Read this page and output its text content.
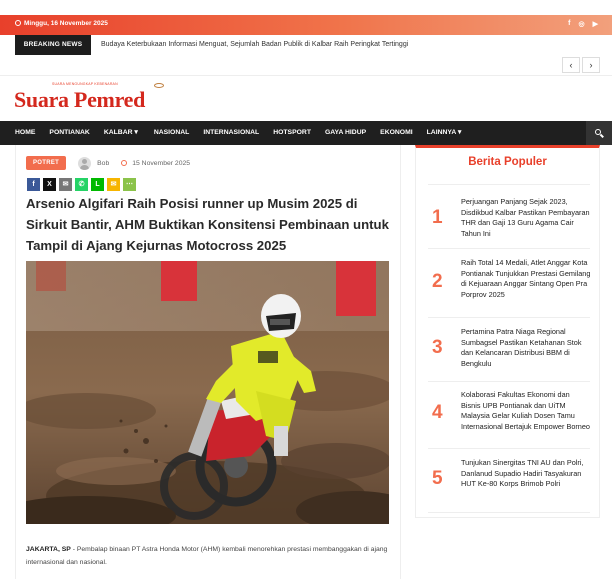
Minggu, 16 November 2025	f ◎ ▶
BREAKING NEWS	Budaya Keterbukaan Informasi Menguat, Sejumlah Badan Publik di Kalbar Raih Peringkat Tertinggi
‹	›
SUARA MENGUNGKAP KEBENARAN
Suara Pemred
HOME PONTIANAK KALBAR ▾ NASIONAL INTERNASIONAL HOTSPORT GAYA HIDUP EKONOMI LAINNYA ▾
POTRET	Bob	15 November 2025
f	X	✉	✆	L	✉	⋯
Arsenio Algifari Raih Posisi runner up Musim 2025 di Sirkuit Bantir, AHM Buktikan Konsitensi Pembinaan untuk Tampil di Ajang Kejurnas Motocross 2025

JAKARTA, SP - Pembalap binaan PT Astra Honda Motor (AHM) kembali menorehkan prestasi membanggakan di ajang internasional dan nasional.

Berita Populer
1
Perjuangan Panjang Sejak 2023, Disdikbud Kalbar Pastikan Pembayaran THR dan Gaji 13 Guru Agama Cair Tahun Ini
2
Raih Total 14 Medali, Atlet Anggar Kota Pontianak Tunjukkan Prestasi Gemilang di Kejuaraan Anggar Sintang Open Pra Porprov 2025
3
Pertamina Patra Niaga Regional Sumbagsel Pastikan Ketahanan Stok dan Kelancaran Distribusi BBM di Bengkulu
4
Kolaborasi Fakultas Ekonomi dan Bisnis UPB Pontianak dan UiTM Malaysia Gelar Kuliah Dosen Tamu Internasional Bertajuk Empower Borneo
5
Tunjukan Sinergitas TNI AU dan Polri, Danlanud Supadio Hadiri Tasyakuran HUT Ke-80 Korps Brimob Polri
